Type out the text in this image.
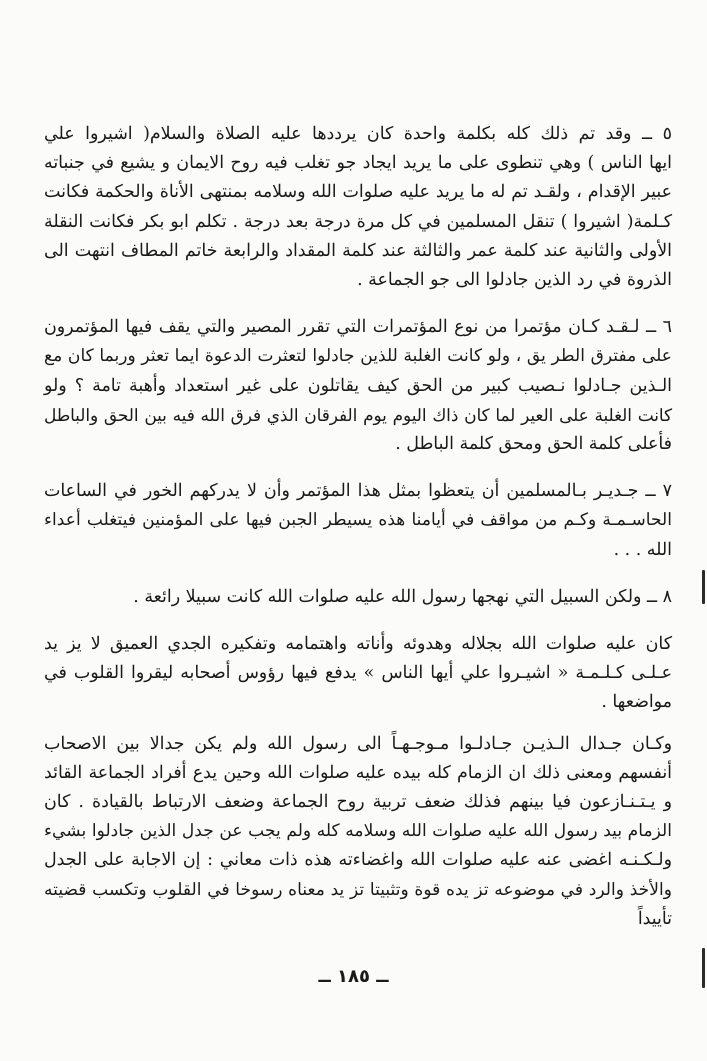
٥ ــ وقد تم ذلك كله بكلمة واحدة كان يرددها عليه الصلاة والسلام( اشيروا علي
ايها الناس ) وهي تنطوى على ما يريد ايجاد جو تغلب فيه روح الايمان و يشيع في جنباته
عبير الإقدام ، ولقـد تم له ما يريد عليه صلوات الله وسلامه بمنتهى الأناة والحكمة فكانت
كـلمة( اشيروا ) تنقل المسلمين في كل مرة درجة بعد درجة . تكلم ابو بكر فكانت النقلة
الأولى والثانية عند كلمة عمر والثالثة عند كلمة المقداد والرابعة خاتم المطاف انتهت الى
الذروة في رد الذين جادلوا الى جو الجماعة .

٦ ــ لـقـد كـان مؤتمرا من نوع المؤتمرات التي تقرر المصير والتي يقف فيها المؤتمرون
على مفترق الطر يق ، ولو كانت الغلبة للذين جادلوا لتعثرت الدعوة ايما تعثر وربما كان مع
الـذين جـادلوا نـصيب كبير من الحق كيف يقاتلون على غير استعداد وأهبة تامة ؟ ولو
كانت الغلبة على العير لما كان ذاك اليوم يوم الفرقان الذي فرق الله فيه بين الحق والباطل
فأعلى كلمة الحق ومحق كلمة الباطل .

٧ ــ جـديـر بـالمسلمين أن يتعظوا بمثل هذا المؤتمر وأن لا يدركهم الخور في الساعات
الحاسـمـة وكـم من مواقف في أيامنا هذه يسيطر الجبن فيها على المؤمنين فيتغلب أعداء
الله . . .

٨ ــ ولكن السبيل التي نهجها رسول الله عليه صلوات الله كانت سبيلا رائعة .

كان عليه صلوات الله بجلاله وهدوئه وأناته واهتمامه وتفكيره الجدي العميق لا يز يد
عـلـى كـلـمـة « اشيـروا علي أيها الناس » يدفع فيها رؤوس أصحابه ليقروا القلوب في
مواضعها .

وكـان جـدال الـذيـن جـادلـوا مـوجـهـاً الى رسول الله ولم يكن جدالا بين الاصحاب
أنفسهم ومعنى ذلك ان الزمام كله بيده عليه صلوات الله وحين يدع أفراد الجماعة القائد
و يـتـنـازعون فيا بينهم فذلك ضعف تربية روح الجماعة وضعف الارتباط بالقيادة . كان
الزمام بيد رسول الله عليه صلوات الله وسلامه كله ولم يجب عن جدل الذين جادلوا بشيء
ولـكـنـه اغضى عنه عليه صلوات الله واغضاءته هذه ذات معاني : إن الاجابة على الجدل
والأخذ والرد في موضوعه تز يده قوة وتثبيتا تز يد معناه رسوخا في القلوب وتكسب قضيته
تأييداً

ــ ١٨٥ ــ
